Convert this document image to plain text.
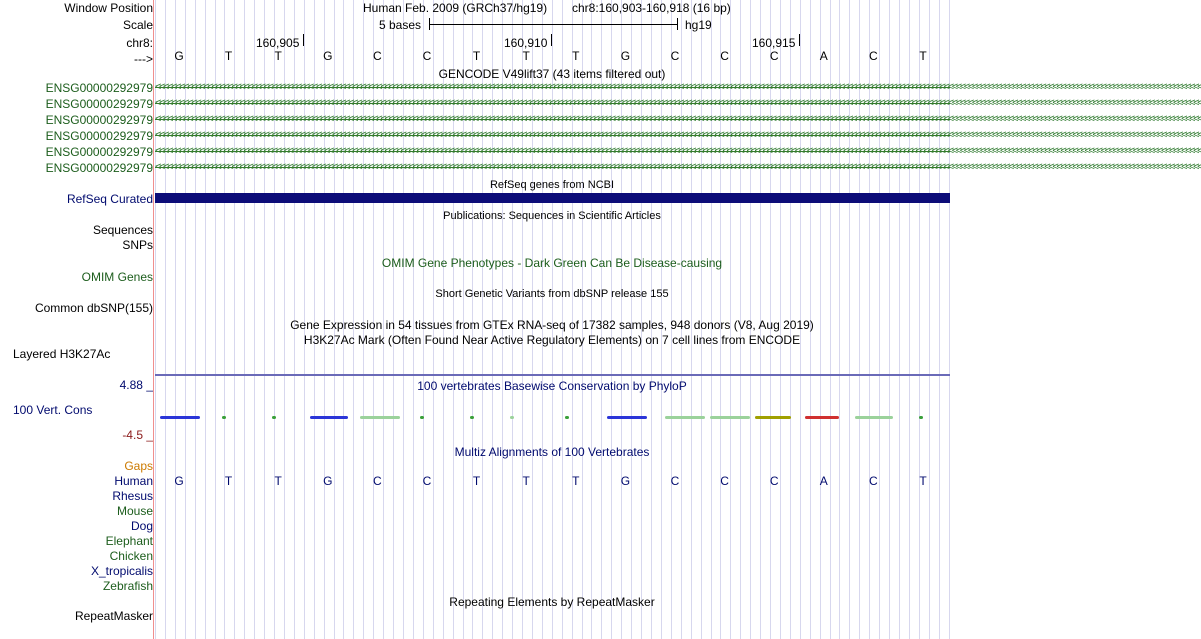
Window Position
Scale
chr8:
--->
ENSG00000292979
ENSG00000292979
ENSG00000292979
ENSG00000292979
ENSG00000292979
ENSG00000292979
RefSeq Curated
Sequences
SNPs
OMIM Genes
Common dbSNP(155)
Layered H3K27Ac
4.88 _
100 Vert. Cons
-4.5 _
Gaps
Human
Rhesus
Mouse
Dog
Elephant
Chicken
X_tropicalis
Zebrafish
RepeatMasker
Human Feb. 2009 (GRCh37/hg19) chr8:160,903-160,918 (16 bp)
5 bases	hg19
160,905	160,910	160,915
G	T	T	G	C	C	T	T	T	G	C	C	C	A	C	T
GENCODE V49lift37 (43 items filtered out)
<<<<<<<<<<<<<<<<<<<<<<<<<<<<<<<<<<<<<<<<<<<<<<<<<<<<<<<<<<<<<<<<<<<<<<<<<<<<<<<<<<<<<<<<<<<<<<<<<<<<<<<<<<<<<<<<<<<<<<<<<<<<<<<<<<<<<<<<<<<<<<<<<<<<<<<<<<<<<<<<<<<<<<<<<<<<<<<<<<<<<<<<<<<<<<<<<<<<<<<<<<<<<<<<<<<<<<<<<<<<<<<<<<<<<<<<<<<<<<<<<<<<<<<<<<<<<<<<<<<<
<<<<<<<<<<<<<<<<<<<<<<<<<<<<<<<<<<<<<<<<<<<<<<<<<<<<<<<<<<<<<<<<<<<<<<<<<<<<<<<<<<<<<<<<<<<<<<<<<<<<<<<<<<<<<<<<<<<<<<<<<<<<<<<<<<<<<<<<<<<<<<<<<<<<<<<<<<<<<<<<<<<<<<<<<<<<<<<<<<<<<<<<<<<<<<<<<<<<<<<<<<<<<<<<<<<<<<<<<<<<<<<<<<<<<<<<<<<<<<<<<<<<<<<<<<<<<<<<<<<<
<<<<<<<<<<<<<<<<<<<<<<<<<<<<<<<<<<<<<<<<<<<<<<<<<<<<<<<<<<<<<<<<<<<<<<<<<<<<<<<<<<<<<<<<<<<<<<<<<<<<<<<<<<<<<<<<<<<<<<<<<<<<<<<<<<<<<<<<<<<<<<<<<<<<<<<<<<<<<<<<<<<<<<<<<<<<<<<<<<<<<<<<<<<<<<<<<<<<<<<<<<<<<<<<<<<<<<<<<<<<<<<<<<<<<<<<<<<<<<<<<<<<<<<<<<<<<<<<<<<<
<<<<<<<<<<<<<<<<<<<<<<<<<<<<<<<<<<<<<<<<<<<<<<<<<<<<<<<<<<<<<<<<<<<<<<<<<<<<<<<<<<<<<<<<<<<<<<<<<<<<<<<<<<<<<<<<<<<<<<<<<<<<<<<<<<<<<<<<<<<<<<<<<<<<<<<<<<<<<<<<<<<<<<<<<<<<<<<<<<<<<<<<<<<<<<<<<<<<<<<<<<<<<<<<<<<<<<<<<<<<<<<<<<<<<<<<<<<<<<<<<<<<<<<<<<<<<<<<<<<<
<<<<<<<<<<<<<<<<<<<<<<<<<<<<<<<<<<<<<<<<<<<<<<<<<<<<<<<<<<<<<<<<<<<<<<<<<<<<<<<<<<<<<<<<<<<<<<<<<<<<<<<<<<<<<<<<<<<<<<<<<<<<<<<<<<<<<<<<<<<<<<<<<<<<<<<<<<<<<<<<<<<<<<<<<<<<<<<<<<<<<<<<<<<<<<<<<<<<<<<<<<<<<<<<<<<<<<<<<<<<<<<<<<<<<<<<<<<<<<<<<<<<<<<<<<<<<<<<<<<<
<<<<<<<<<<<<<<<<<<<<<<<<<<<<<<<<<<<<<<<<<<<<<<<<<<<<<<<<<<<<<<<<<<<<<<<<<<<<<<<<<<<<<<<<<<<<<<<<<<<<<<<<<<<<<<<<<<<<<<<<<<<<<<<<<<<<<<<<<<<<<<<<<<<<<<<<<<<<<<<<<<<<<<<<<<<<<<<<<<<<<<<<<<<<<<<<<<<<<<<<<<<<<<<<<<<<<<<<<<<<<<<<<<<<<<<<<<<<<<<<<<<<<<<<<<<<<<<<<<<<
RefSeq genes from NCBI
Publications: Sequences in Scientific Articles
OMIM Gene Phenotypes - Dark Green Can Be Disease-causing
Short Genetic Variants from dbSNP release 155
Gene Expression in 54 tissues from GTEx RNA-seq of 17382 samples, 948 donors (V8, Aug 2019)
H3K27Ac Mark (Often Found Near Active Regulatory Elements) on 7 cell lines from ENCODE
100 vertebrates Basewise Conservation by PhyloP
Multiz Alignments of 100 Vertebrates
G	T	T	G	C	C	T	T	T	G	C	C	C	A	C	T
Repeating Elements by RepeatMasker
